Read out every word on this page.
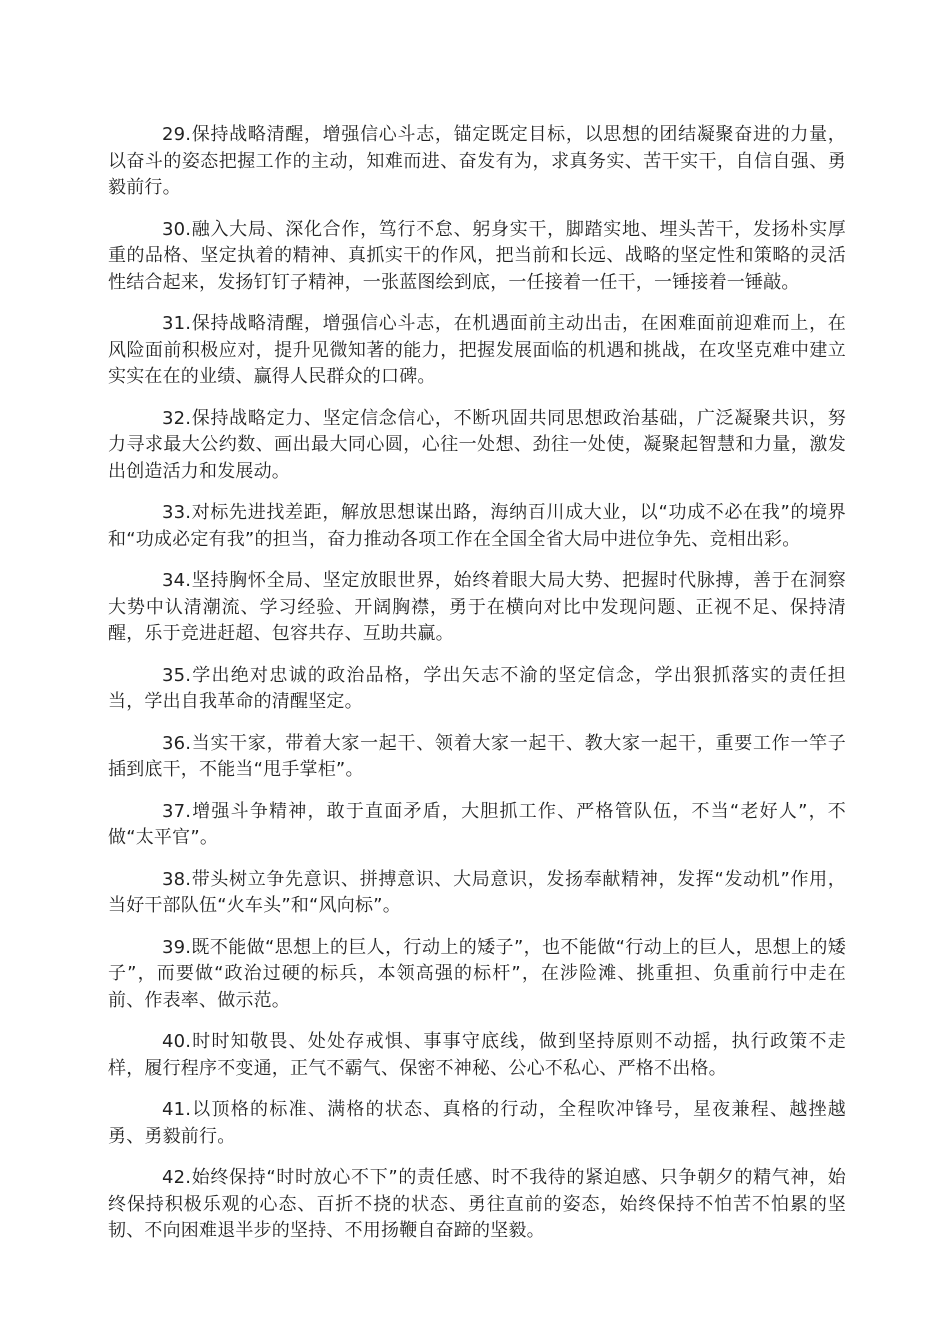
29.保持战略清醒，增强信心斗志，锚定既定目标，以思想的团结凝聚奋进的力量，以奋斗的姿态把握工作的主动，知难而进、奋发有为，求真务实、苦干实干，自信自强、勇毅前行。

30.融入大局、深化合作，笃行不怠、躬身实干，脚踏实地、埋头苦干，发扬朴实厚重的品格、坚定执着的精神、真抓实干的作风，把当前和长远、战略的坚定性和策略的灵活性结合起来，发扬钉钉子精神，一张蓝图绘到底，一任接着一任干，一锤接着一锤敲。

31.保持战略清醒，增强信心斗志，在机遇面前主动出击，在困难面前迎难而上，在风险面前积极应对，提升见微知著的能力，把握发展面临的机遇和挑战，在攻坚克难中建立实实在在的业绩、赢得人民群众的口碑。

32.保持战略定力、坚定信念信心，不断巩固共同思想政治基础，广泛凝聚共识，努力寻求最大公约数、画出最大同心圆，心往一处想、劲往一处使，凝聚起智慧和力量，激发出创造活力和发展动。

33.对标先进找差距，解放思想谋出路，海纳百川成大业，以“功成不必在我”的境界和“功成必定有我”的担当，奋力推动各项工作在全国全省大局中进位争先、竞相出彩。

34.坚持胸怀全局、坚定放眼世界，始终着眼大局大势、把握时代脉搏，善于在洞察大势中认清潮流、学习经验、开阔胸襟，勇于在横向对比中发现问题、正视不足、保持清醒，乐于竞进赶超、包容共存、互助共赢。

35.学出绝对忠诚的政治品格，学出矢志不渝的坚定信念，学出狠抓落实的责任担当，学出自我革命的清醒坚定。

36.当实干家，带着大家一起干、领着大家一起干、教大家一起干，重要工作一竿子插到底干，不能当“甩手掌柜”。

37.增强斗争精神，敢于直面矛盾，大胆抓工作、严格管队伍，不当“老好人”，不做“太平官”。

38.带头树立争先意识、拼搏意识、大局意识，发扬奉献精神，发挥“发动机”作用，当好干部队伍“火车头”和“风向标”。

39.既不能做“思想上的巨人，行动上的矮子”，也不能做“行动上的巨人，思想上的矮子”，而要做“政治过硬的标兵，本领高强的标杆”，在涉险滩、挑重担、负重前行中走在前、作表率、做示范。

40.时时知敬畏、处处存戒惧、事事守底线，做到坚持原则不动摇，执行政策不走样，履行程序不变通，正气不霸气、保密不神秘、公心不私心、严格不出格。

41.以顶格的标准、满格的状态、真格的行动，全程吹冲锋号，星夜兼程、越挫越勇、勇毅前行。

42.始终保持“时时放心不下”的责任感、时不我待的紧迫感、只争朝夕的精气神，始终保持积极乐观的心态、百折不挠的状态、勇往直前的姿态，始终保持不怕苦不怕累的坚韧、不向困难退半步的坚持、不用扬鞭自奋蹄的坚毅。
